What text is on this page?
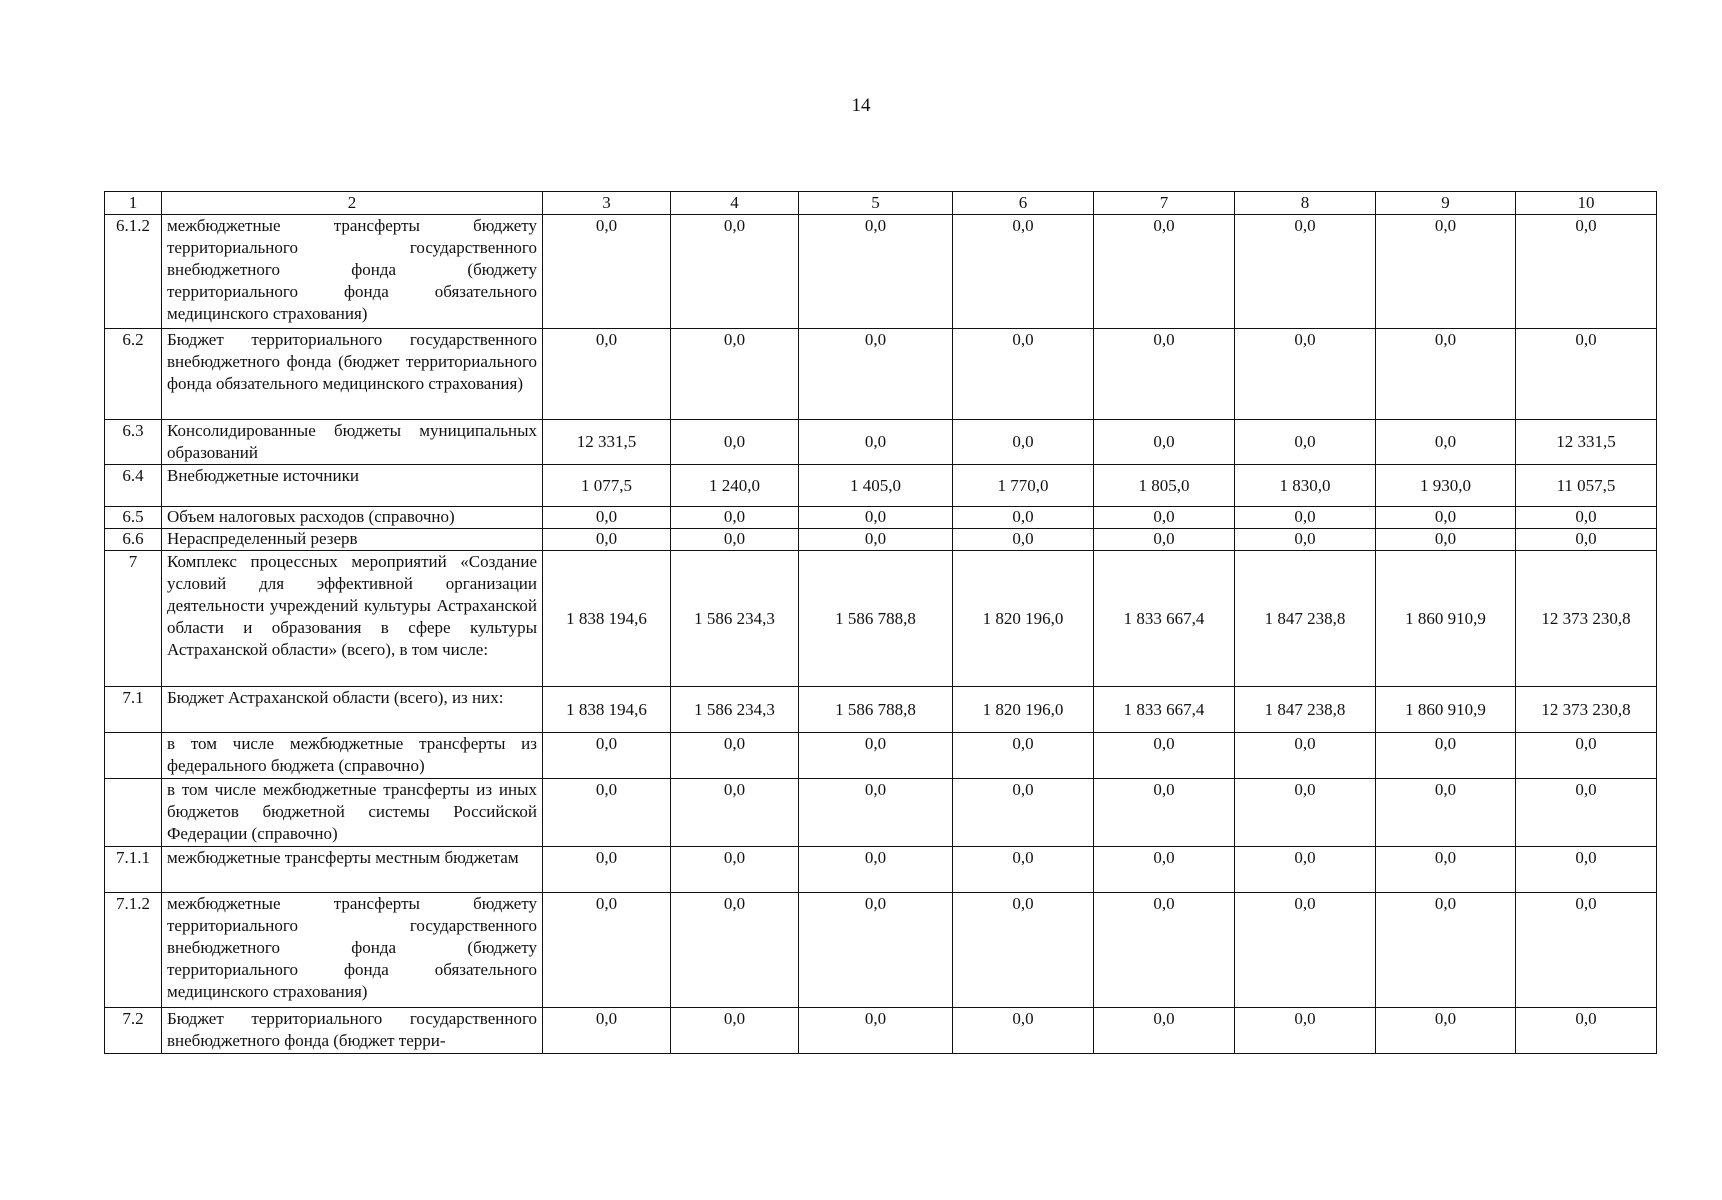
14
1	2	3	4	5	6	7	8	9	10
6.1.2	межбюджетные трансферты бюджету территориального государственного внебюджетного фонда (бюджету территориального фонда обязательного медицинского страхования)	0,0	0,0	0,0	0,0	0,0	0,0	0,0	0,0
6.2	Бюджет территориального государственного внебюджетного фонда (бюджет территориального фонда обязательного медицинского страхования)	0,0	0,0	0,0	0,0	0,0	0,0	0,0	0,0
6.3	Консолидированные бюджеты муниципальных образований	12 331,5	0,0	0,0	0,0	0,0	0,0	0,0	12 331,5
6.4	Внебюджетные источники	1 077,5	1 240,0	1 405,0	1 770,0	1 805,0	1 830,0	1 930,0	11 057,5
6.5	Объем налоговых расходов (справочно)	0,0	0,0	0,0	0,0	0,0	0,0	0,0	0,0
6.6	Нераспределенный резерв	0,0	0,0	0,0	0,0	0,0	0,0	0,0	0,0
7	Комплекс процессных мероприятий «Создание условий для эффективной организации деятельности учреждений культуры Астраханской области и образования в сфере культуры Астраханской области» (всего), в том числе:	1 838 194,6	1 586 234,3	1 586 788,8	1 820 196,0	1 833 667,4	1 847 238,8	1 860 910,9	12 373 230,8
7.1	Бюджет Астраханской области (всего), из них:	1 838 194,6	1 586 234,3	1 586 788,8	1 820 196,0	1 833 667,4	1 847 238,8	1 860 910,9	12 373 230,8
	в том числе межбюджетные трансферты из федерального бюджета (справочно)	0,0	0,0	0,0	0,0	0,0	0,0	0,0	0,0
	в том числе межбюджетные трансферты из иных бюджетов бюджетной системы Российской Федерации (справочно)	0,0	0,0	0,0	0,0	0,0	0,0	0,0	0,0
7.1.1	межбюджетные трансферты местным бюджетам	0,0	0,0	0,0	0,0	0,0	0,0	0,0	0,0
7.1.2	межбюджетные трансферты бюджету территориального государственного внебюджетного фонда (бюджету территориального фонда обязательного медицинского страхования)	0,0	0,0	0,0	0,0	0,0	0,0	0,0	0,0
7.2	Бюджет территориального государственного внебюджетного фонда (бюджет терри-	0,0	0,0	0,0	0,0	0,0	0,0	0,0	0,0
